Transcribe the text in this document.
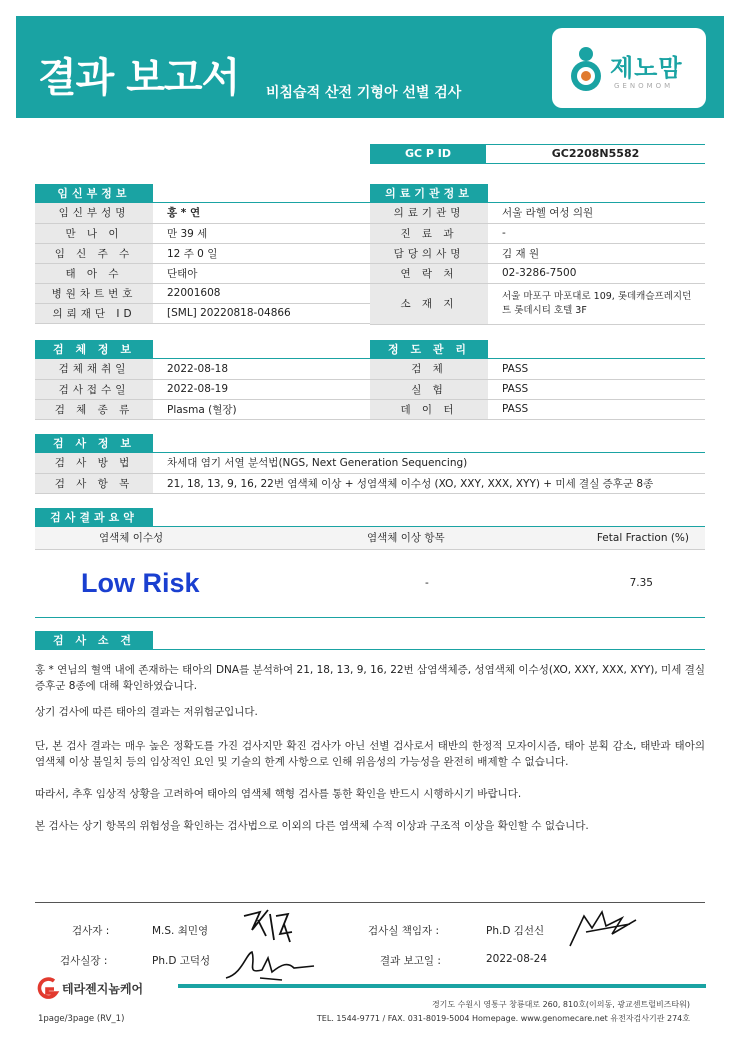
결과 보고서 비침습적 산전 기형아 선별 검사
제노맘
GENOMOM
GC P ID	GC2208N5582
임신부정보
임신부성명	홍 * 연
만 나 이	만 39 세
임 신 주 수	12 주 0 일
태 아 수	단태아
병원차트번호	22001608
의뢰재단 ID	[SML] 20220818-04866
의료기관정보
의료기관명	서울 라헬 여성 의원
진 료 과	-
담당의사명	김 재 원
연 락 처	02-3286-7500
소 재 지	서울 마포구 마포대로 109, 롯데캐슬프레지던트 롯데시티 호텔 3F
검 체 정 보
검체채취일	2022-08-18
검사접수일	2022-08-19
검 체 종 류	Plasma (혈장)
정 도 관 리
검 체	PASS
실 험	PASS
데 이 터	PASS
검 사 정 보
검 사 방 법	차세대 염기 서열 분석법(NGS, Next Generation Sequencing)
검 사 항 목	21, 18, 13, 9, 16, 22번 염색체 이상 + 성염색체 이수성 (XO, XXY, XXX, XYY) + 미세 결실 증후군 8종
검사결과요약
염색체 이수성	염색체 이상 항목	Fetal Fraction (%)
Low Risk	-	7.35
검 사 소 견

홍 * 연님의 혈액 내에 존재하는 태아의 DNA를 분석하여 21, 18, 13, 9, 16, 22번 삼염색체증, 성염색체 이수성(XO, XXY, XXX, XYY), 미세 결실 증후군 8종에 대해 확인하였습니다.

상기 검사에 따른 태아의 결과는 저위험군입니다.

단, 본 검사 결과는 매우 높은 정확도를 가진 검사지만 확진 검사가 아닌 선별 검사로서 태반의 한정적 모자이시즘, 태아 분획 감소, 태반과 태아의 염색체 이상 불일치 등의 임상적인 요인 및 기술의 한계 사항으로 인해 위음성의 가능성을 완전히 배제할 수 없습니다.

따라서, 추후 임상적 상황을 고려하여 태아의 염색체 핵형 검사를 통한 확인을 반드시 시행하시기 바랍니다.

본 검사는 상기 항목의 위험성을 확인하는 검사법으로 이외의 다른 염색체 수적 이상과 구조적 이상을 확인할 수 없습니다.

검사자 :	M.S. 최민영	검사실 책임자 :	Ph.D 김선신
검사실장 :	Ph.D 고덕성	결과 보고일 :	2022-08-24
테라젠지놈케어
경기도 수원시 영통구 창룡대로 260, 810호(이의동, 광교센트럴비즈타워)
TEL. 1544-9771 / FAX. 031-8019-5004 Homepage. www.genomecare.net 유전자검사기관 274호
1page/3page (RV_1)
